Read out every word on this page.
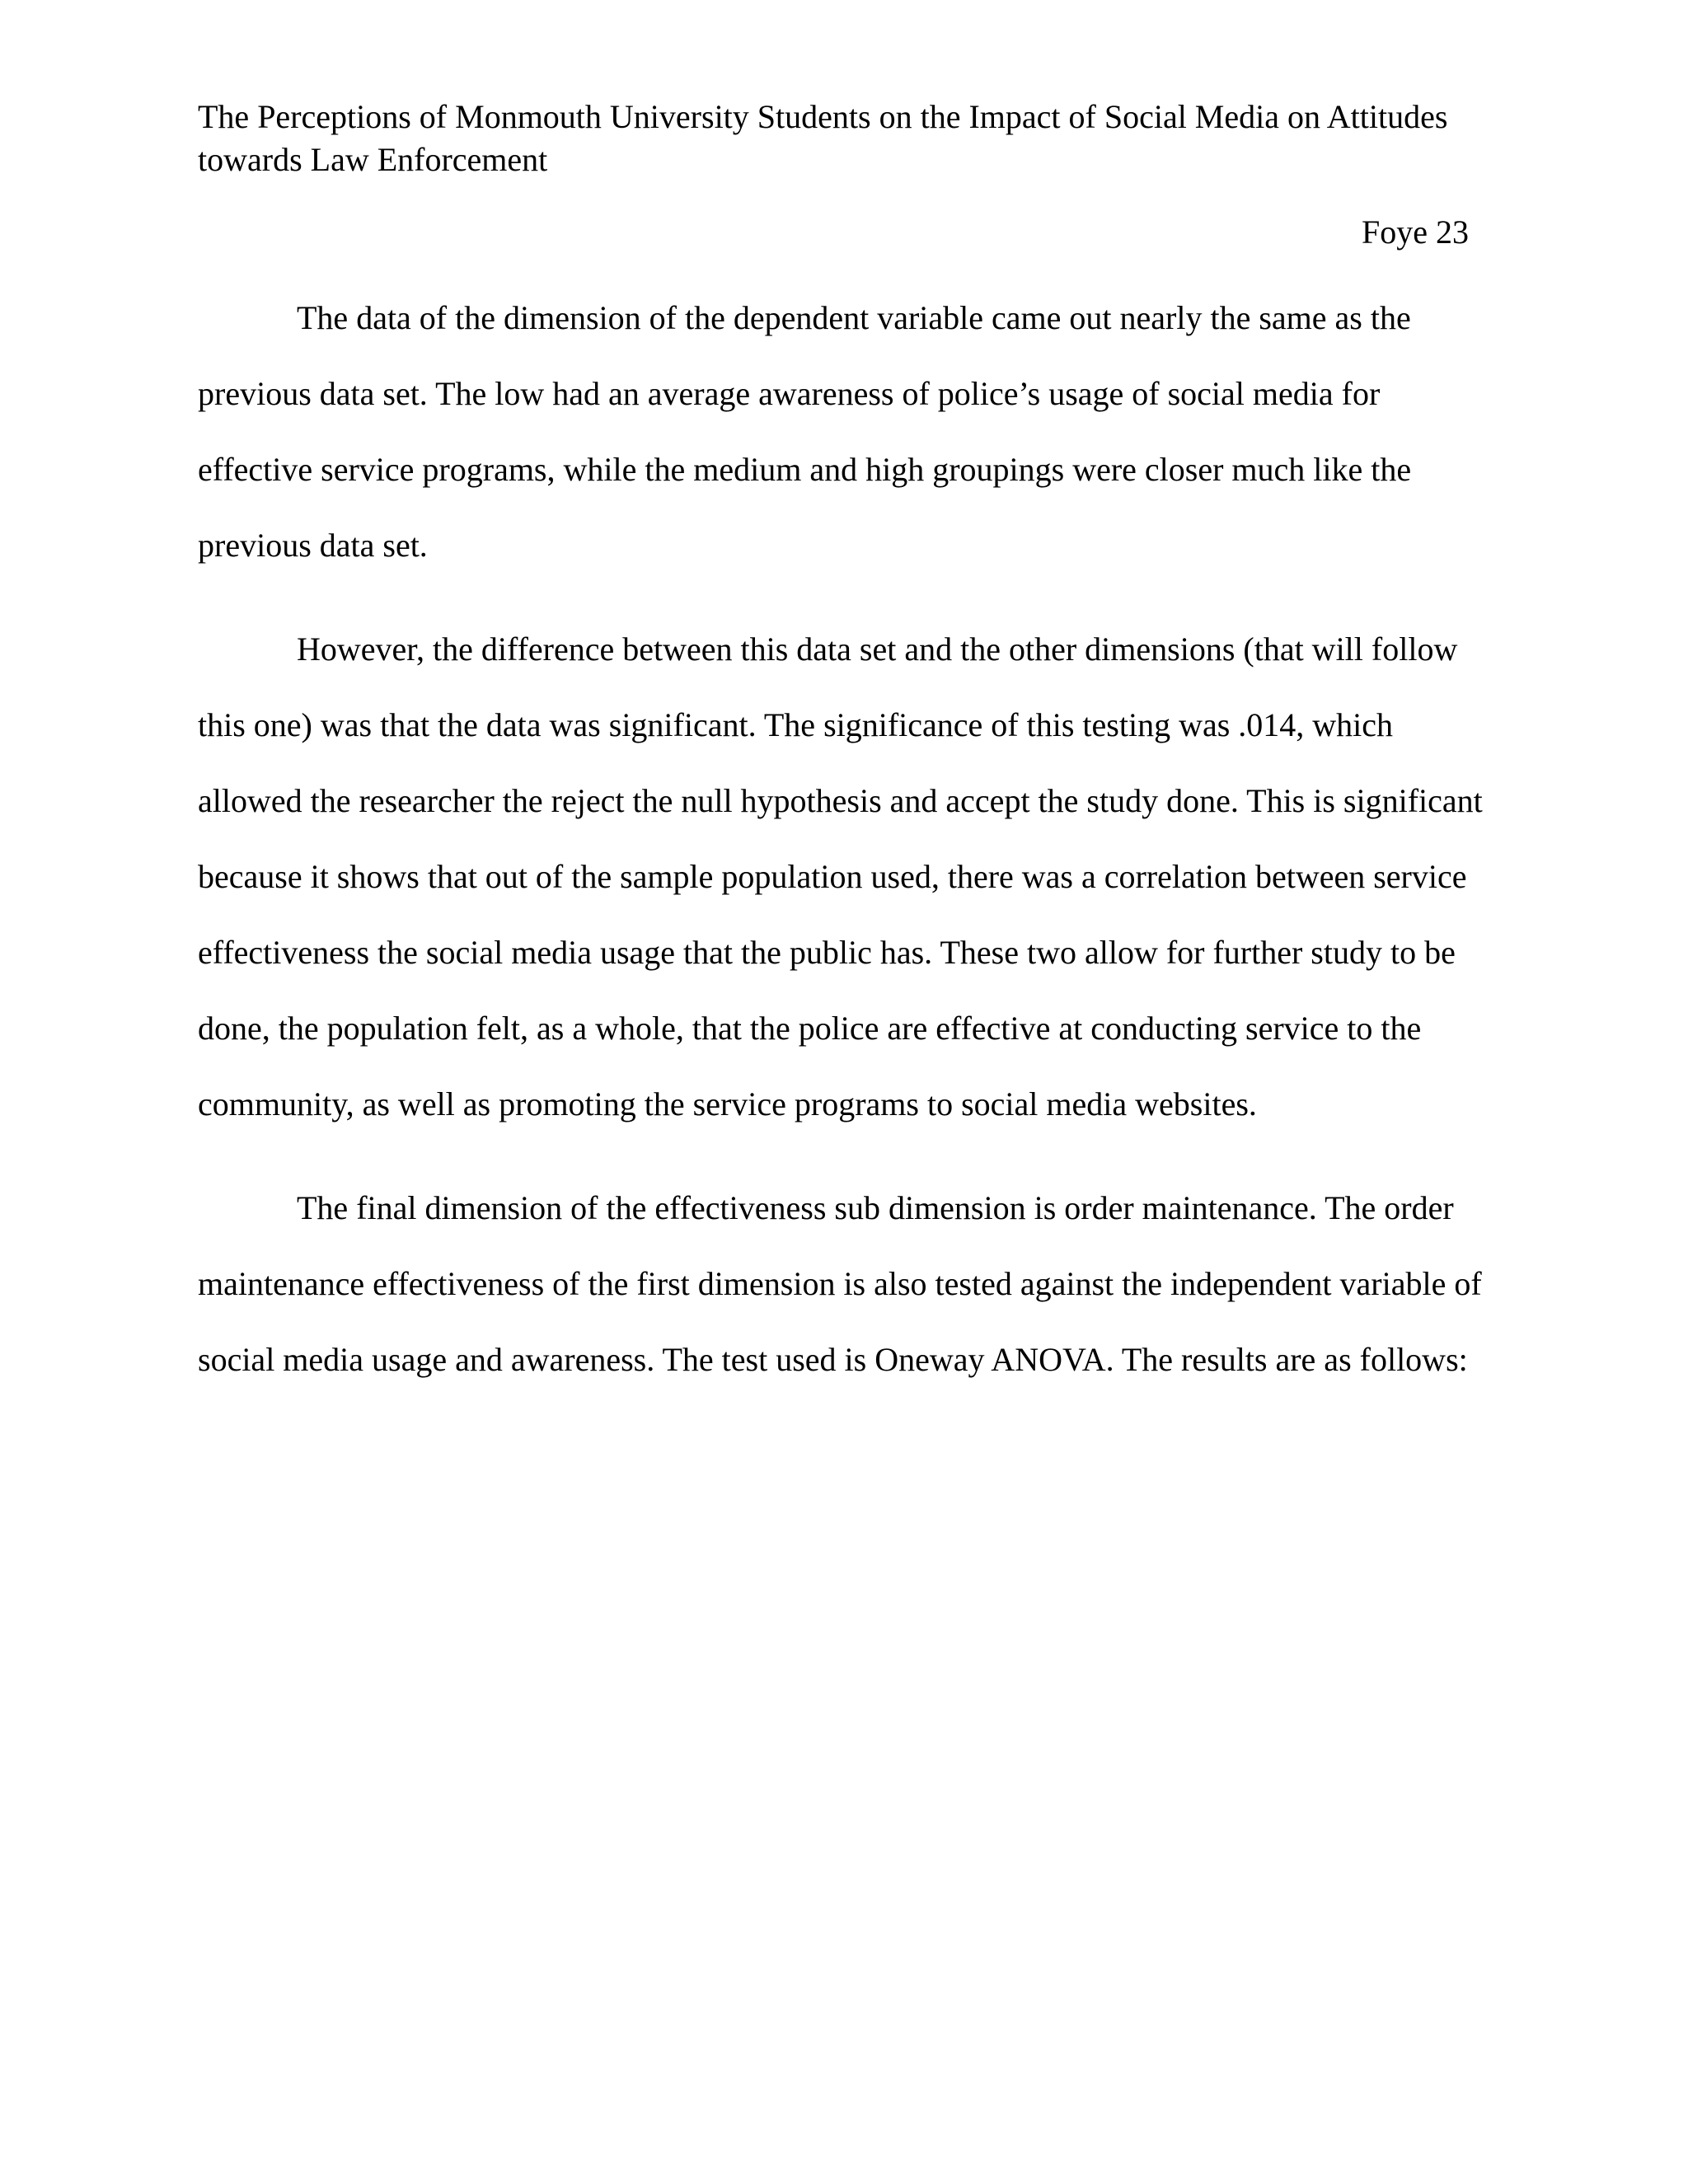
The Perceptions of Monmouth University Students on the Impact of Social Media on Attitudes
towards Law Enforcement
Foye 23

The data of the dimension of the dependent variable came out nearly the same as the
previous data set. The low had an average awareness of police’s usage of social media for
effective service programs, while the medium and high groupings were closer much like the
previous data set.

However, the difference between this data set and the other dimensions (that will follow
this one) was that the data was significant. The significance of this testing was .014, which
allowed the researcher the reject the null hypothesis and accept the study done. This is significant
because it shows that out of the sample population used, there was a correlation between service
effectiveness the social media usage that the public has. These two allow for further study to be
done, the population felt, as a whole, that the police are effective at conducting service to the
community, as well as promoting the service programs to social media websites.

The final dimension of the effectiveness sub dimension is order maintenance. The order
maintenance effectiveness of the first dimension is also tested against the independent variable of
social media usage and awareness. The test used is Oneway ANOVA. The results are as follows:
